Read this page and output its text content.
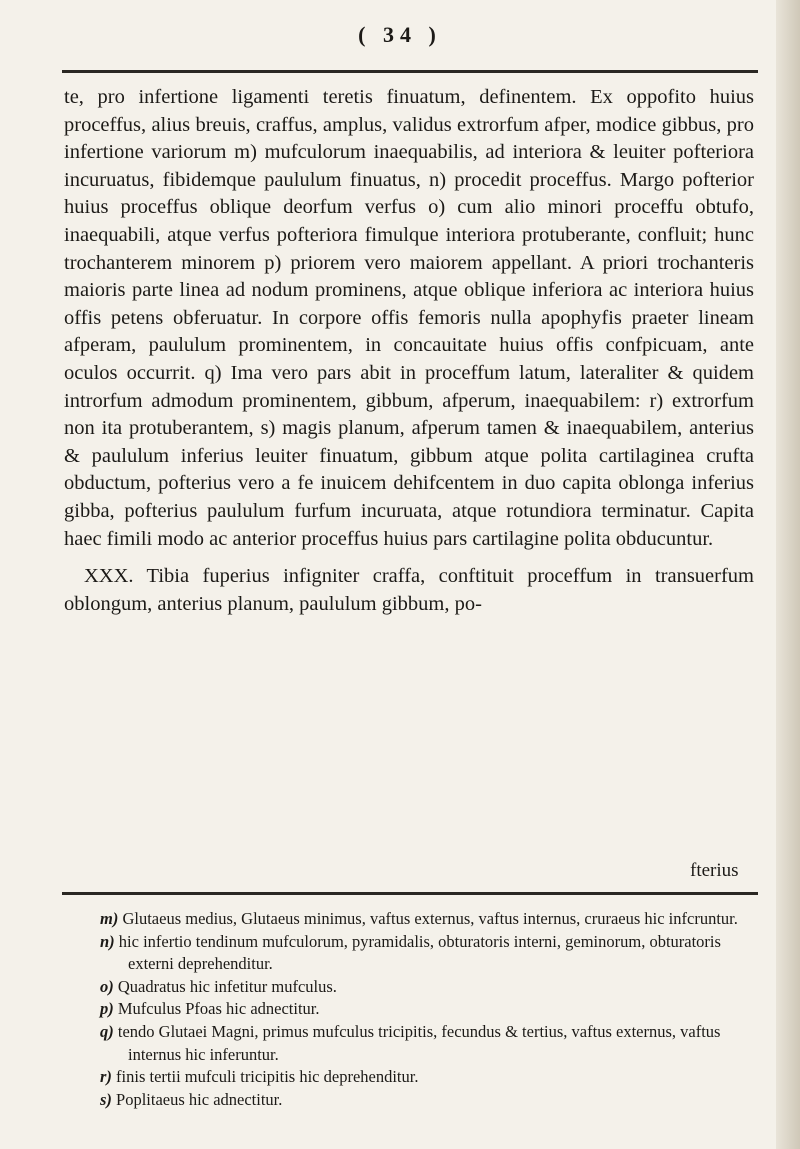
( 34 )

te, pro infertione ligamenti teretis finuatum, definentem. Ex oppofito huius proceffus, alius breuis, craffus, amplus, validus extrorfum afper, modice gibbus, pro infertione variorum m) mufculorum inaequabilis, ad interiora & leuiter pofteriora incuruatus, fibidemque paululum finuatus, n) procedit proceffus. Margo pofterior huius proceffus oblique deorfum verfus o) cum alio minori proceffu obtufo, inaequabili, atque verfus pofteriora fimulque interiora protuberante, confluit; hunc trochanterem minorem p) priorem vero maiorem appellant. A priori trochanteris maioris parte linea ad nodum prominens, atque oblique inferiora ac interiora huius offis petens obferuatur. In corpore offis femoris nulla apophyfis praeter lineam afperam, paululum prominentem, in concauitate huius offis confpicuam, ante oculos occurrit. q) Ima vero pars abit in proceffum latum, lateraliter & quidem introrfum admodum prominentem, gibbum, afperum, inaequabilem: r) extrorfum non ita protuberantem, s) magis planum, afperum tamen & inaequabilem, anterius & paululum inferius leuiter finuatum, gibbum atque polita cartilaginea crufta obductum, pofterius vero a fe inuicem dehifcentem in duo capita oblonga inferius gibba, pofterius paululum furfum incuruata, atque rotundiora terminatur. Capita haec fimili modo ac anterior proceffus huius pars cartilagine polita obducuntur.

XXX. Tibia fuperius infigniter craffa, conftituit proceffum in transuerfum oblongum, anterius planum, paululum gibbum, po-

fterius

m) Glutaeus medius, Glutaeus minimus, vaftus externus, vaftus internus, cruraeus hic infcruntur.

n) hic infertio tendinum mufculorum, pyramidalis, obturatoris interni, geminorum, obturatoris externi deprehenditur.

o) Quadratus hic infetitur mufculus.

p) Mufculus Pfoas hic adnectitur.

q) tendo Glutaei Magni, primus mufculus tricipitis, fecundus & tertius, vaftus externus, vaftus internus hic inferuntur.

r) finis tertii mufculi tricipitis hic deprehenditur.

s) Poplitaeus hic adnectitur.
